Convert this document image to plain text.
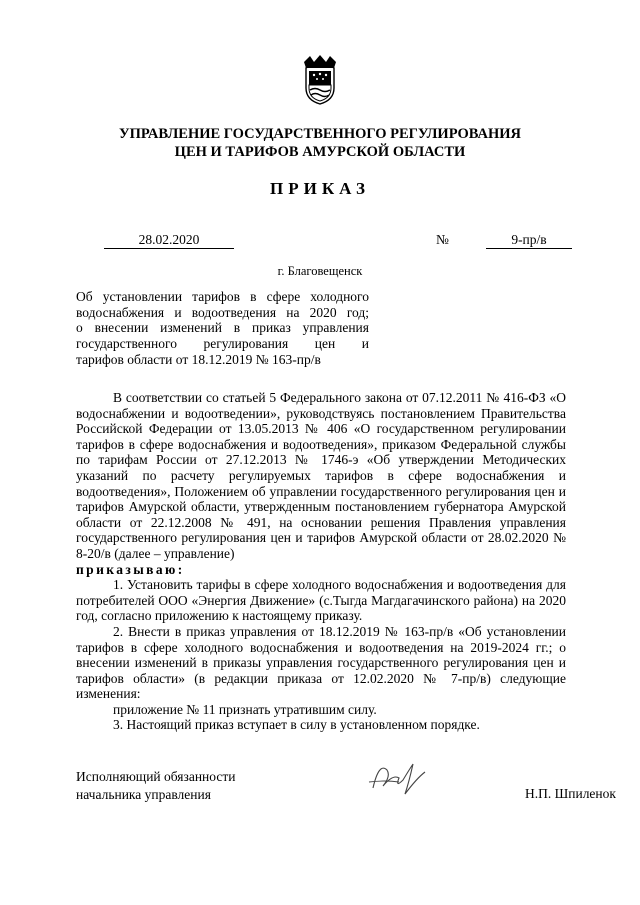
УПРАВЛЕНИЕ ГОСУДАРСТВЕННОГО РЕГУЛИРОВАНИЯ
ЦЕН И ТАРИФОВ АМУРСКОЙ ОБЛАСТИ
ПРИКАЗ
28.02.2020	№	9-пр/в
г. Благовещенск
Об установлении тарифов в сфере холодного
водоснабжения и водоотведения на 2020 год;
о внесении изменений в приказ управления
государственного регулирования цен и
тарифов области от 18.12.2019 № 163-пр/в

В соответствии со статьей 5 Федерального закона от 07.12.2011 № 416-ФЗ «О водоснабжении и водоотведении», руководствуясь постановлением Правительства Российской Федерации от 13.05.2013 № 406 «О государственном регулировании тарифов в сфере водоснабжения и водоотведения», приказом Федеральной службы по тарифам России от 27.12.2013 № 1746-э «Об утверждении Методических указаний по расчету регулируемых тарифов в сфере водоснабжения и водоотведения», Положением об управлении государственного регулирования цен и тарифов Амурской области, утвержденным постановлением губернатора Амурской области от 22.12.2008 № 491, на основании решения Правления управления государственного регулирования цен и тарифов Амурской области от 28.02.2020 № 8-20/в (далее – управление)

приказываю:

1. Установить тарифы в сфере холодного водоснабжения и водоотведения для потребителей ООО «Энергия Движение» (с.Тыгда Магдагачинского района) на 2020 год, согласно приложению к настоящему приказу.

2. Внести в приказ управления от 18.12.2019 № 163-пр/в «Об установлении тарифов в сфере холодного водоснабжения и водоотведения на 2019-2024 гг.; о внесении изменений в приказы управления государственного регулирования цен и тарифов области» (в редакции приказа от 12.02.2020 № 7-пр/в) следующие изменения:

приложение № 11 признать утратившим силу.

3. Настоящий приказ вступает в силу в установленном порядке.

Исполняющий обязанности
начальника управления	Н.П. Шпиленок
